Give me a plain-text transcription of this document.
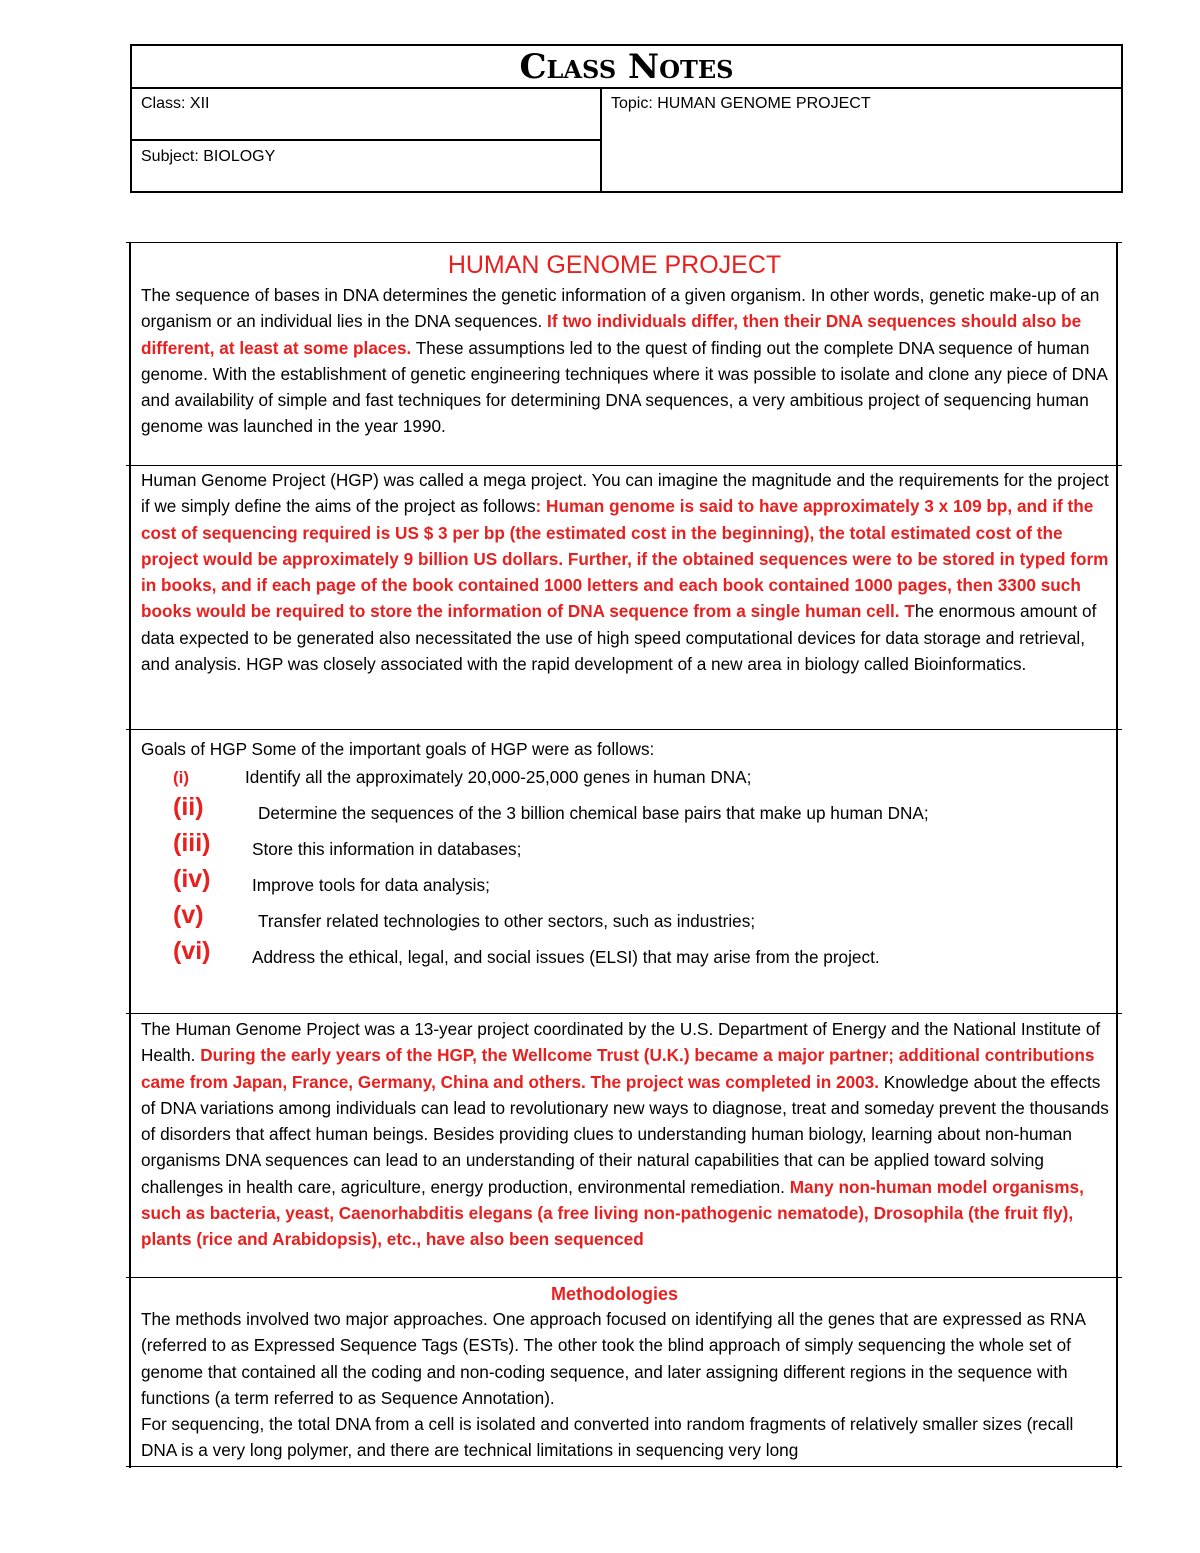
Class Notes
Class: XII
Subject: BIOLOGY
Topic: HUMAN GENOME PROJECT
HUMAN GENOME PROJECT
The sequence of bases in DNA determines the genetic information of a given organism. In other words, genetic make-up of an organism or an individual lies in the DNA sequences. If two individuals differ, then their DNA sequences should also be different, at least at some places. These assumptions led to the quest of finding out the complete DNA sequence of human genome. With the establishment of genetic engineering techniques where it was possible to isolate and clone any piece of DNA and availability of simple and fast techniques for determining DNA sequences, a very ambitious project of sequencing human genome was launched in the year 1990.
Human Genome Project (HGP) was called a mega project. You can imagine the magnitude and the requirements for the project if we simply define the aims of the project as follows: Human genome is said to have approximately 3 x 109 bp, and if the cost of sequencing required is US $ 3 per bp (the estimated cost in the beginning), the total estimated cost of the project would be approximately 9 billion US dollars. Further, if the obtained sequences were to be stored in typed form in books, and if each page of the book contained 1000 letters and each book contained 1000 pages, then 3300 such books would be required to store the information of DNA sequence from a single human cell. The enormous amount of data expected to be generated also necessitated the use of high speed computational devices for data storage and retrieval, and analysis. HGP was closely associated with the rapid development of a new area in biology called Bioinformatics.
Goals of HGP Some of the important goals of HGP were as follows:
(i)	Identify all the approximately 20,000-25,000 genes in human DNA;
(ii)	Determine the sequences of the 3 billion chemical base pairs that make up human DNA;
(iii) Store this information in databases;
(iv) Improve tools for data analysis;
(v)	Transfer related technologies to other sectors, such as industries;
(vi) Address the ethical, legal, and social issues (ELSI) that may arise from the project.
The Human Genome Project was a 13-year project coordinated by the U.S. Department of Energy and the National Institute of Health. During the early years of the HGP, the Wellcome Trust (U.K.) became a major partner; additional contributions came from Japan, France, Germany, China and others. The project was completed in 2003. Knowledge about the effects of DNA variations among individuals can lead to revolutionary new ways to diagnose, treat and someday prevent the thousands of disorders that affect human beings. Besides providing clues to understanding human biology, learning about non-human organisms DNA sequences can lead to an understanding of their natural capabilities that can be applied toward solving challenges in health care, agriculture, energy production, environmental remediation. Many non-human model organisms, such as bacteria, yeast, Caenorhabditis elegans (a free living non-pathogenic nematode), Drosophila (the fruit fly), plants (rice and Arabidopsis), etc., have also been sequenced
Methodologies
The methods involved two major approaches. One approach focused on identifying all the genes that are expressed as RNA (referred to as Expressed Sequence Tags (ESTs). The other took the blind approach of simply sequencing the whole set of genome that contained all the coding and non-coding sequence, and later assigning different regions in the sequence with functions (a term referred to as Sequence Annotation).
For sequencing, the total DNA from a cell is isolated and converted into random fragments of relatively smaller sizes (recall DNA is a very long polymer, and there are technical limitations in sequencing very long
